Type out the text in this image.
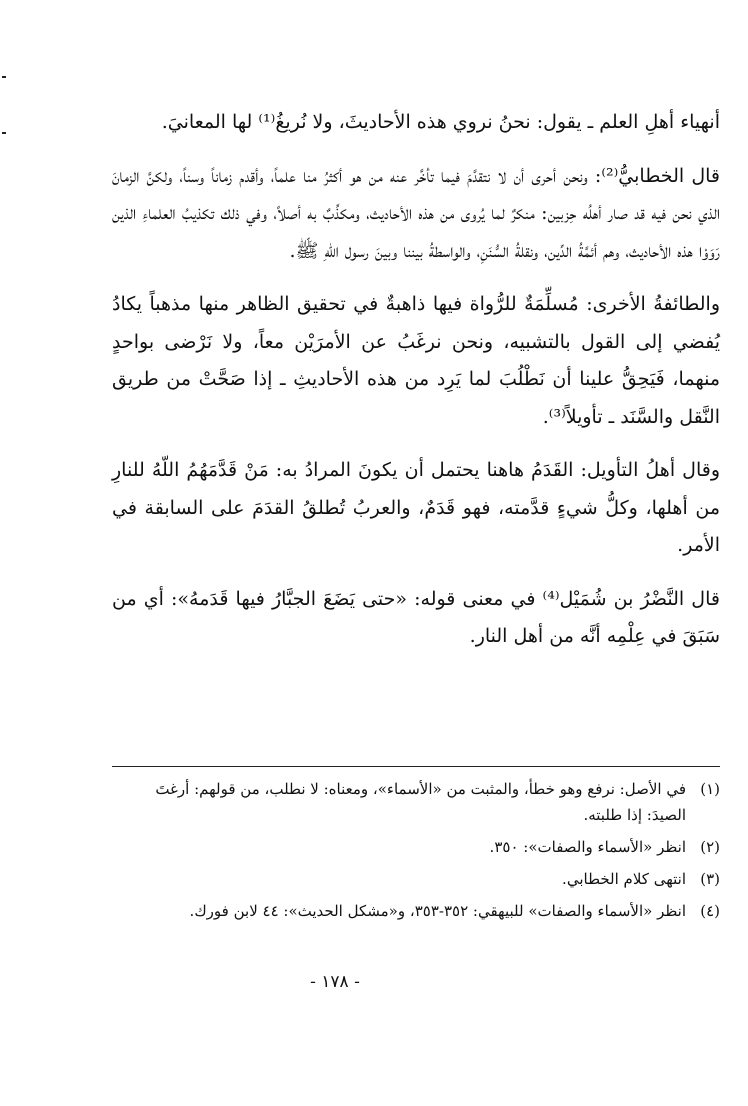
أنهياء أهلِ العلم ـ يقول: نحنُ نروي هذه الأحاديثَ، ولا نُريغُ⁽¹⁾ لها المعانيَ.

قال الخطابيُّ⁽²⁾: ونحن أحرى أن لا نتقدَّمَ فيما تأخَّر عنه من هو أكثرُ منا علماً، وأقدم زماناً وسناً، ولكنَّ الزمانَ الذي نحن فيه قد صار أهلُه حِزبين: منكرٌ لما يُروى من هذه الأحاديث، ومكذِّبٌ به أصلاً، وفي ذلك تكذيبُ العلماءِ الذين رَوَوْا هذه الأحاديث، وهم أئمَّةُ الدِّين، ونقلةُ السُّنَنِ، والواسطةُ بيننا وبينَ رسول اللهِ ﷺ.

والطائفةُ الأخرى: مُسلِّمَةٌ للرُّواة فيها ذاهبةٌ في تحقيق الظاهر منها مذهباً يكادُ يُفضي إلى القول بالتشبيه، ونحن نرغَبُ عن الأمرَيْن معاً، ولا نَرْضى بواحدٍ منهما، فَيَحِقُّ علينا أن نَطْلُبَ لما يَرِد من هذه الأحاديثِ ـ إذا صَحَّتْ من طريق النَّقل والسَّنَد ـ تأويلاً⁽³⁾.

وقال أهلُ التأويل: القَدَمُ هاهنا يحتمل أن يكونَ المرادُ به: مَنْ قَدَّمَهُمُ اللّهُ للنارِ من أهلها، وكلُّ شيءٍ قدَّمته، فهو قَدَمٌ، والعربُ تُطلقُ القدَمَ على السابقة في الأمر.

قال النَّضْرُ بن شُمَيْل⁽⁴⁾ في معنى قوله: «حتى يَضَعَ الجبَّارُ فيها قَدَمهُ»: أي من سَبَقَ في عِلْمِه أنَّه من أهل النار.

(١)
في الأصل: نرفع وهو خطأ، والمثبت من «الأسماء»، ومعناه: لا نطلب، من قولهم: أرغتَ الصيدَ: إذا طلبته.
(٢)
انظر «الأسماء والصفات»: ٣٥٠.
(٣)
انتهى كلام الخطابي.
(٤)
انظر «الأسماء والصفات» للبيهقي: ٣٥٢-٣٥٣، و«مشكل الحديث»: ٤٤ لابن فورك.
- ١٧٨ -
